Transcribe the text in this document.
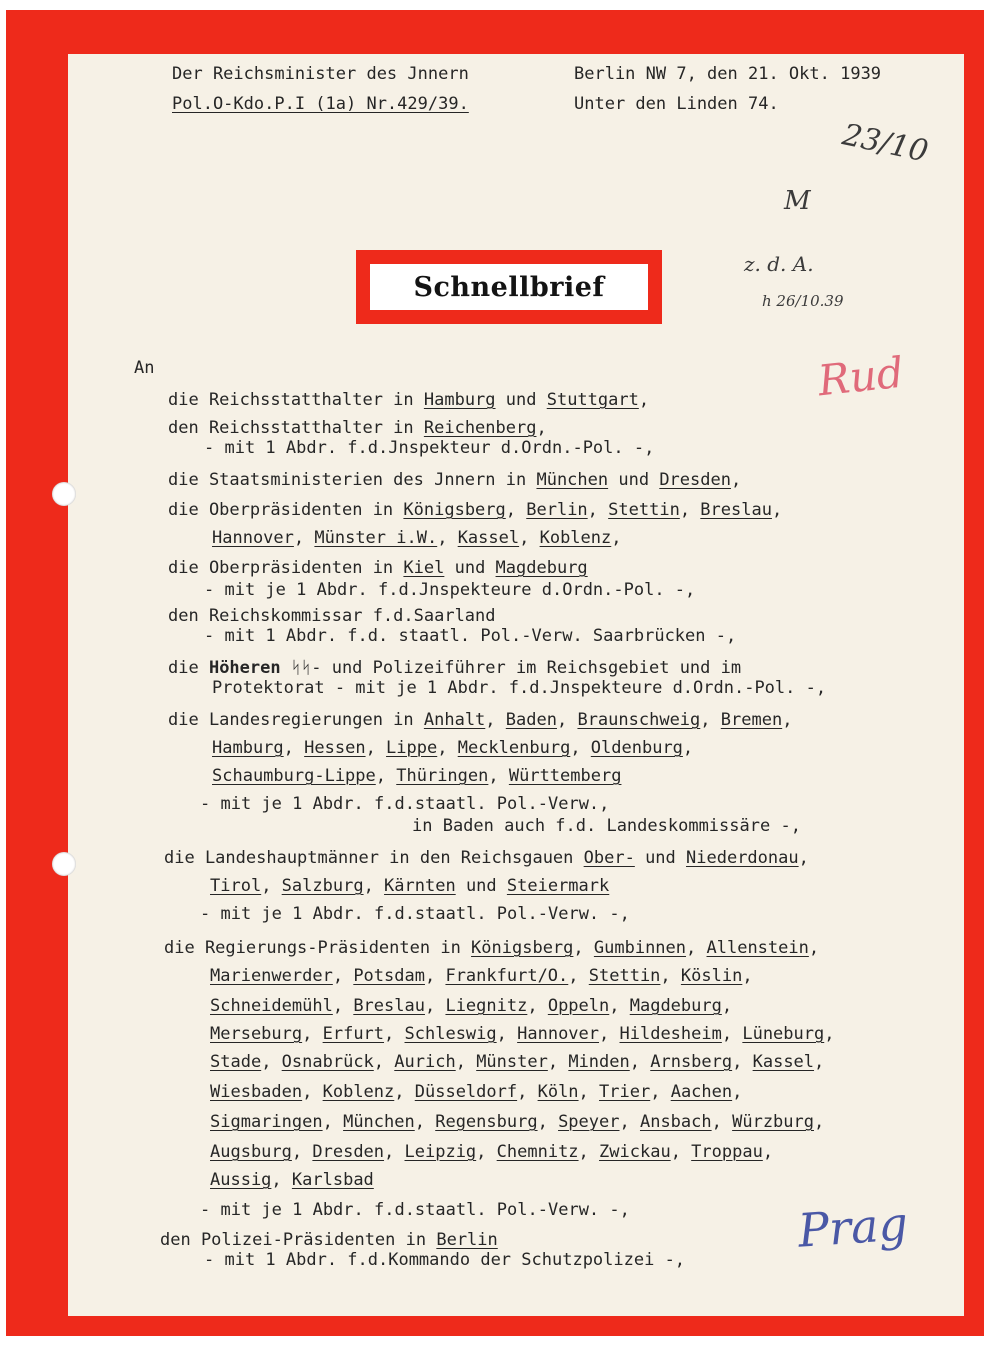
Der Reichsminister des Jnnern
Pol.O-Kdo.P.I (1a) Nr.429/39.
Berlin NW 7, den 21. Okt. 1939
Unter den Linden 74.
Schnellbrief
23/10
M
z. d. A.
h 26/10.39
Rud
Prag
An
die Reichsstatthalter in Hamburg und Stuttgart,
den Reichsstatthalter in Reichenberg,
- mit 1 Abdr. f.d.Jnspekteur d.Ordn.-Pol. -,
die Staatsministerien des Jnnern in München und Dresden,
die Oberpräsidenten in Königsberg, Berlin, Stettin, Breslau,
Hannover, Münster i.W., Kassel, Koblenz,
die Oberpräsidenten in Kiel und Magdeburg
- mit je 1 Abdr. f.d.Jnspekteure d.Ordn.-Pol. -,
den Reichskommissar f.d.Saarland
- mit 1 Abdr. f.d. staatl. Pol.-Verw. Saarbrücken -,
die Höheren ᛋᛋ- und Polizeiführer im Reichsgebiet und im
Protektorat - mit je 1 Abdr. f.d.Jnspekteure d.Ordn.-Pol. -,
die Landesregierungen in Anhalt, Baden, Braunschweig, Bremen,
Hamburg, Hessen, Lippe, Mecklenburg, Oldenburg,
Schaumburg-Lippe, Thüringen, Württemberg
- mit je 1 Abdr. f.d.staatl. Pol.-Verw.,
in Baden auch f.d. Landeskommissäre -,
die Landeshauptmänner in den Reichsgauen Ober- und Niederdonau,
Tirol, Salzburg, Kärnten und Steiermark
- mit je 1 Abdr. f.d.staatl. Pol.-Verw. -,
die Regierungs-Präsidenten in Königsberg, Gumbinnen, Allenstein,
Marienwerder, Potsdam, Frankfurt/O., Stettin, Köslin,
Schneidemühl, Breslau, Liegnitz, Oppeln, Magdeburg,
Merseburg, Erfurt, Schleswig, Hannover, Hildesheim, Lüneburg,
Stade, Osnabrück, Aurich, Münster, Minden, Arnsberg, Kassel,
Wiesbaden, Koblenz, Düsseldorf, Köln, Trier, Aachen,
Sigmaringen, München, Regensburg, Speyer, Ansbach, Würzburg,
Augsburg, Dresden, Leipzig, Chemnitz, Zwickau, Troppau,
Aussig, Karlsbad
- mit je 1 Abdr. f.d.staatl. Pol.-Verw. -,
den Polizei-Präsidenten in Berlin
- mit 1 Abdr. f.d.Kommando der Schutzpolizei -,
